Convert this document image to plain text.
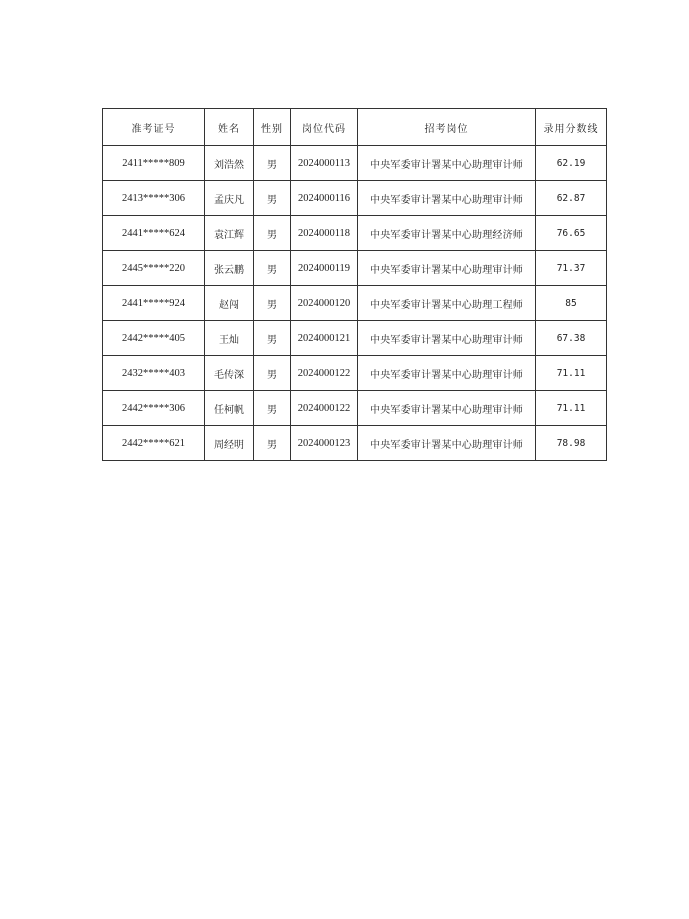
准考证号	姓名	性别	岗位代码	招考岗位	录用分数线
2411*****809	刘浩然	男	2024000113	中央军委审计署某中心助理审计师	62.19
2413*****306	孟庆凡	男	2024000116	中央军委审计署某中心助理审计师	62.87
2441*****624	袁江辉	男	2024000118	中央军委审计署某中心助理经济师	76.65
2445*****220	张云鹏	男	2024000119	中央军委审计署某中心助理审计师	71.37
2441*****924	赵闯	男	2024000120	中央军委审计署某中心助理工程师	85
2442*****405	王灿	男	2024000121	中央军委审计署某中心助理审计师	67.38
2432*****403	毛传深	男	2024000122	中央军委审计署某中心助理审计师	71.11
2442*****306	任柯帆	男	2024000122	中央军委审计署某中心助理审计师	71.11
2442*****621	周经明	男	2024000123	中央军委审计署某中心助理审计师	78.98
